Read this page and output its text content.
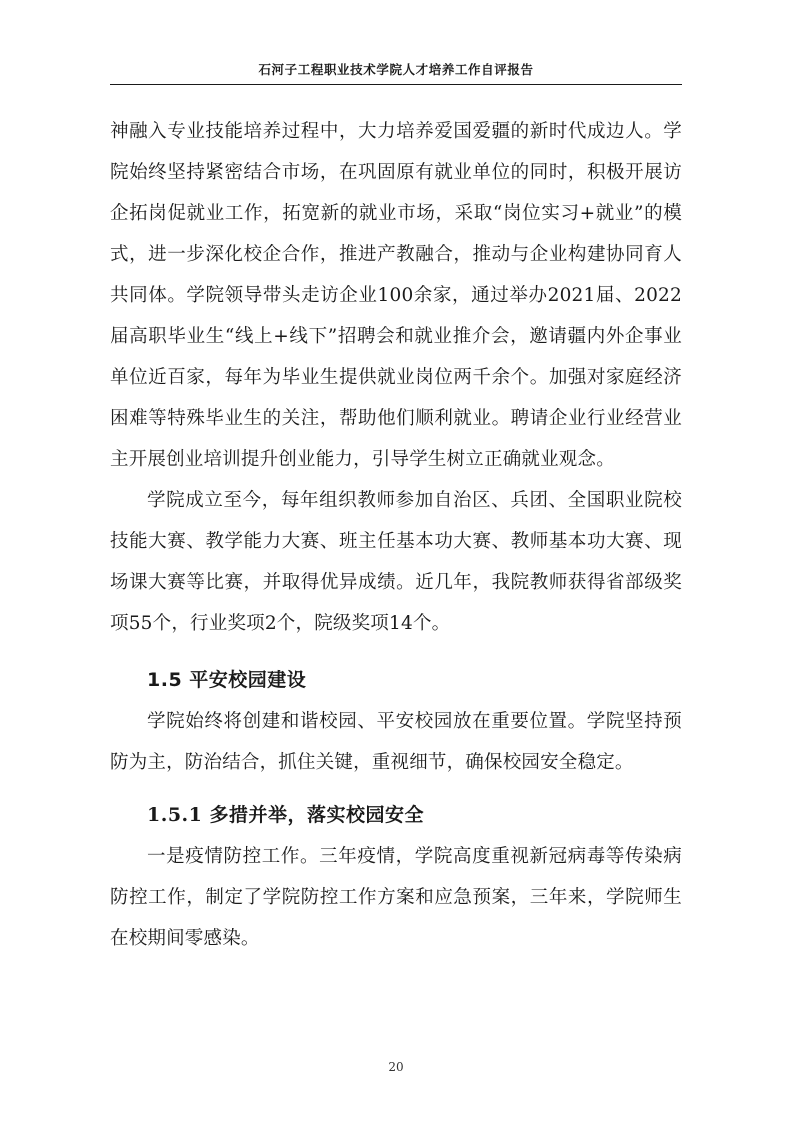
石河子工程职业技术学院人才培养工作自评报告

神融入专业技能培养过程中，大力培养爱国爱疆的新时代成边人。学院始终坚持紧密结合市场，在巩固原有就业单位的同时，积极开展访企拓岗促就业工作，拓宽新的就业市场，采取“岗位实习+就业”的模式，进一步深化校企合作，推进产教融合，推动与企业构建协同育人共同体。学院领导带头走访企业100余家，通过举办2021届、2022届高职毕业生“线上+线下”招聘会和就业推介会，邀请疆内外企事业单位近百家，每年为毕业生提供就业岗位两千余个。加强对家庭经济困难等特殊毕业生的关注，帮助他们顺利就业。聘请企业行业经营业主开展创业培训提升创业能力，引导学生树立正确就业观念。

学院成立至今，每年组织教师参加自治区、兵团、全国职业院校技能大赛、教学能力大赛、班主任基本功大赛、教师基本功大赛、现场课大赛等比赛，并取得优异成绩。近几年，我院教师获得省部级奖项55个，行业奖项2个，院级奖项14个。

1.5 平安校园建设

学院始终将创建和谐校园、平安校园放在重要位置。学院坚持预防为主，防治结合，抓住关键，重视细节，确保校园安全稳定。

1.5.1 多措并举，落实校园安全

一是疫情防控工作。三年疫情，学院高度重视新冠病毒等传染病防控工作，制定了学院防控工作方案和应急预案，三年来，学院师生在校期间零感染。

20
